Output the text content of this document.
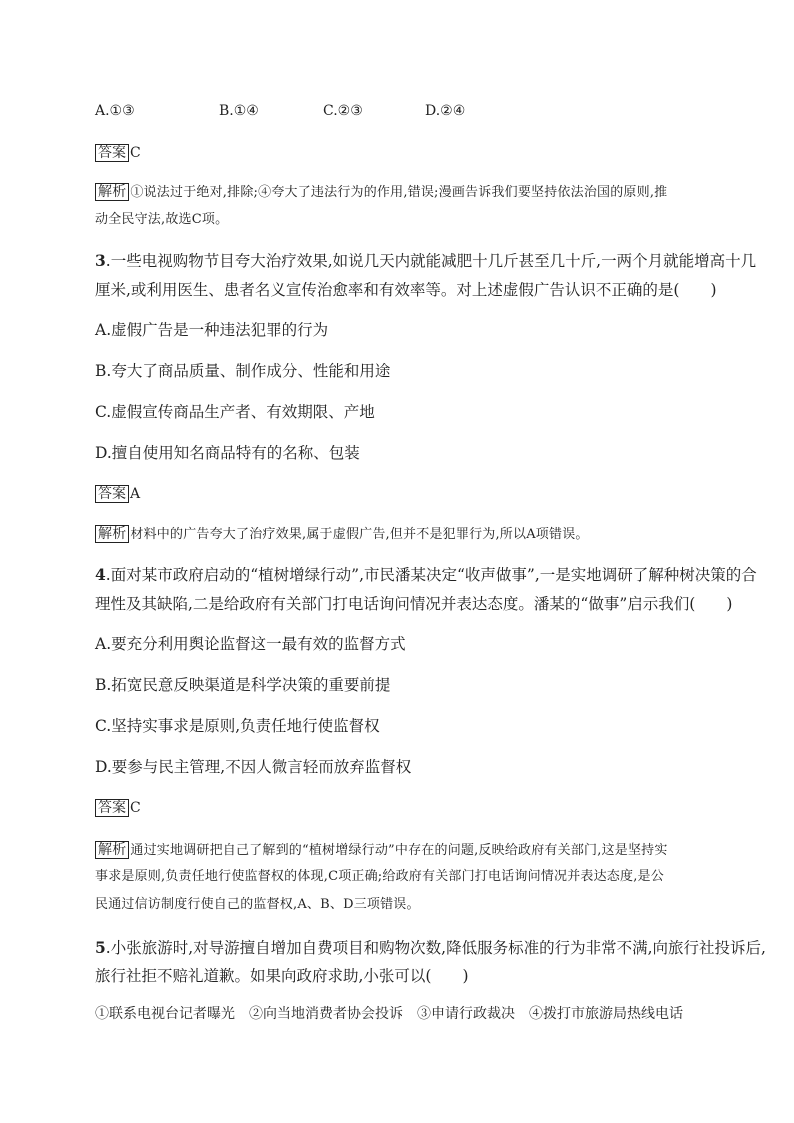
A.①③	B.①④	C.②③	D.②④
答案 C
解析 ①说法过于绝对,排除;④夸大了违法行为的作用,错误;漫画告诉我们要坚持依法治国的原则,推
动全民守法,故选C项。
3.一些电视购物节目夸大治疗效果,如说几天内就能减肥十几斤甚至几十斤,一两个月就能增高十几
厘米,或利用医生、患者名义宣传治愈率和有效率等。对上述虚假广告认识不正确的是(　　)
A.虚假广告是一种违法犯罪的行为
B.夸大了商品质量、制作成分、性能和用途
C.虚假宣传商品生产者、有效期限、产地
D.擅自使用知名商品特有的名称、包装
答案 A
解析 材料中的广告夸大了治疗效果,属于虚假广告,但并不是犯罪行为,所以A项错误。
4.面对某市政府启动的“植树增绿行动”,市民潘某决定“收声做事”,一是实地调研了解种树决策的合
理性及其缺陷,二是给政府有关部门打电话询问情况并表达态度。潘某的“做事”启示我们(　　)
A.要充分利用舆论监督这一最有效的监督方式
B.拓宽民意反映渠道是科学决策的重要前提
C.坚持实事求是原则,负责任地行使监督权
D.要参与民主管理,不因人微言轻而放弃监督权
答案 C
解析 通过实地调研把自己了解到的“植树增绿行动”中存在的问题,反映给政府有关部门,这是坚持实
事求是原则,负责任地行使监督权的体现,C项正确;给政府有关部门打电话询问情况并表达态度,是公
民通过信访制度行使自己的监督权,A、B、D三项错误。
5.小张旅游时,对导游擅自增加自费项目和购物次数,降低服务标准的行为非常不满,向旅行社投诉后,
旅行社拒不赔礼道歉。如果向政府求助,小张可以(　　)
①联系电视台记者曝光　②向当地消费者协会投诉　③申请行政裁决　④拨打市旅游局热线电话
